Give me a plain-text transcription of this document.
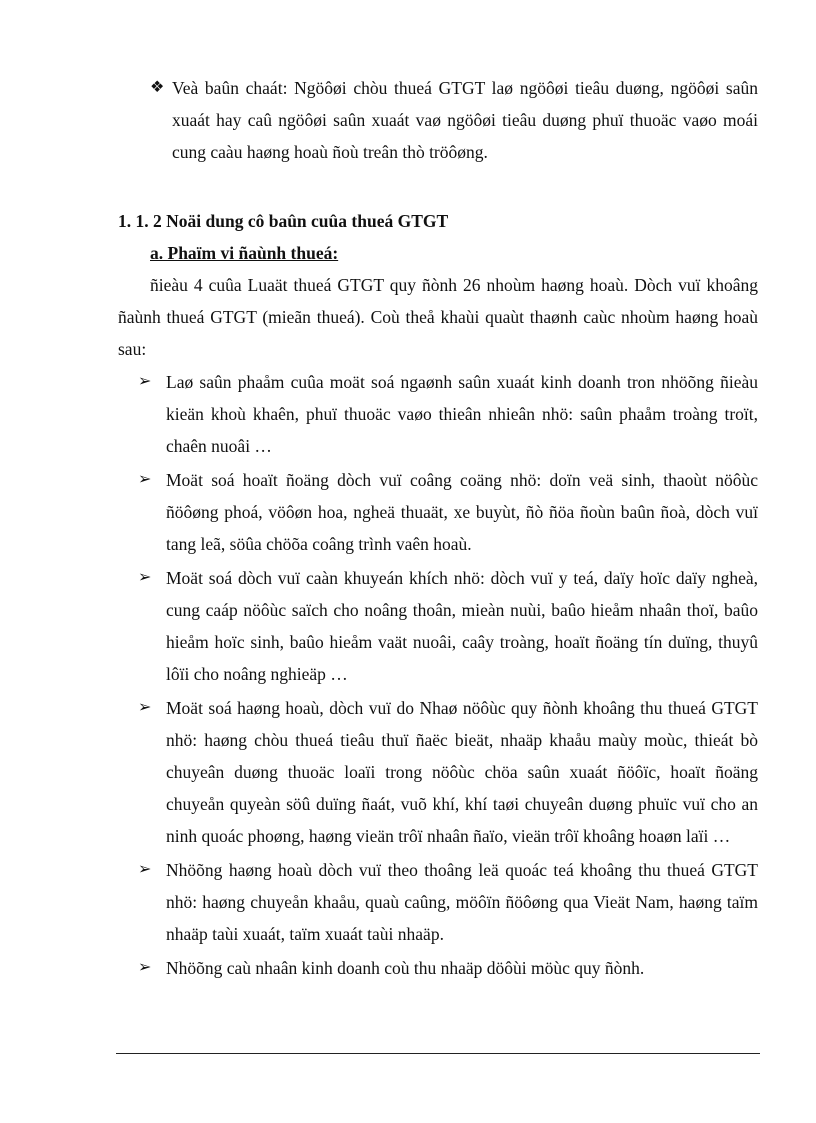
❖ Veà baûn chaát: Ngöôøi chòu thueá GTGT laø ngöôøi tieâu duøng, ngöôøi saûn xuaát hay caû ngöôøi saûn xuaát vaø ngöôøi tieâu duøng phuï thuoäc vaøo moái cung caàu haøng hoaù ñoù treân thò tröôøng.
1. 1. 2 Noäi dung cô baûn cuûa thueá GTGT
a. Phaïm vi ñaùnh thueá:
ñieàu 4 cuûa Luaät thueá GTGT quy ñònh 26 nhoùm haøng hoaù. Dòch vuï khoâng ñaùnh thueá GTGT (mieãn thueá). Coù theå khaùi quaùt thaønh caùc nhoùm haøng hoaù sau:
➢ Laø saûn phaåm cuûa moät soá ngaønh saûn xuaát kinh doanh tron nhöõng ñieàu kieän khoù khaên, phuï thuoäc vaøo thieân nhieân nhö: saûn phaåm troàng troït, chaên nuoâi …
➢ Moät soá hoaït ñoäng dòch vuï coâng coäng nhö: doïn veä sinh, thaoùt nöôùc ñöôøng phoá, vöôøn hoa, ngheä thuaät, xe buyùt, ñò ñöa ñoùn baûn ñoà, dòch vuï tang leã, söûa chöõa coâng trình vaên hoaù.
➢ Moät soá dòch vuï caàn khuyeán khích nhö: dòch vuï y teá, daïy hoïc daïy ngheà, cung caáp nöôùc saïch cho noâng thoân, mieàn nuùi, baûo hieåm nhaân thoï, baûo hieåm hoïc sinh, baûo hieåm vaät nuoâi, caây troàng, hoaït ñoäng tín duïng, thuyû lôïi cho noâng nghieäp …
➢ Moät soá haøng hoaù, dòch vuï do Nhaø nöôùc quy ñònh khoâng thu thueá GTGT nhö: haøng chòu thueá tieâu thuï ñaëc bieät, nhaäp khaåu maùy moùc, thieát bò chuyeân duøng thuoäc loaïi trong nöôùc chöa saûn xuaát ñöôïc, hoaït ñoäng chuyeån quyeàn söû duïng ñaát, vuõ khí, khí taøi chuyeân duøng phuïc vuï cho an ninh quoác phoøng, haøng vieän trôï nhaân ñaïo, vieän trôï khoâng hoaøn laïi …
➢ Nhöõng haøng hoaù dòch vuï theo thoâng leä quoác teá khoâng thu thueá GTGT nhö: haøng chuyeån khaåu, quaù caûng, möôïn ñöôøng qua Vieät Nam, haøng taïm nhaäp taùi xuaát, taïm xuaát taùi nhaäp.
➢ Nhöõng caù nhaân kinh doanh coù thu nhaäp döôùi möùc quy ñònh.
